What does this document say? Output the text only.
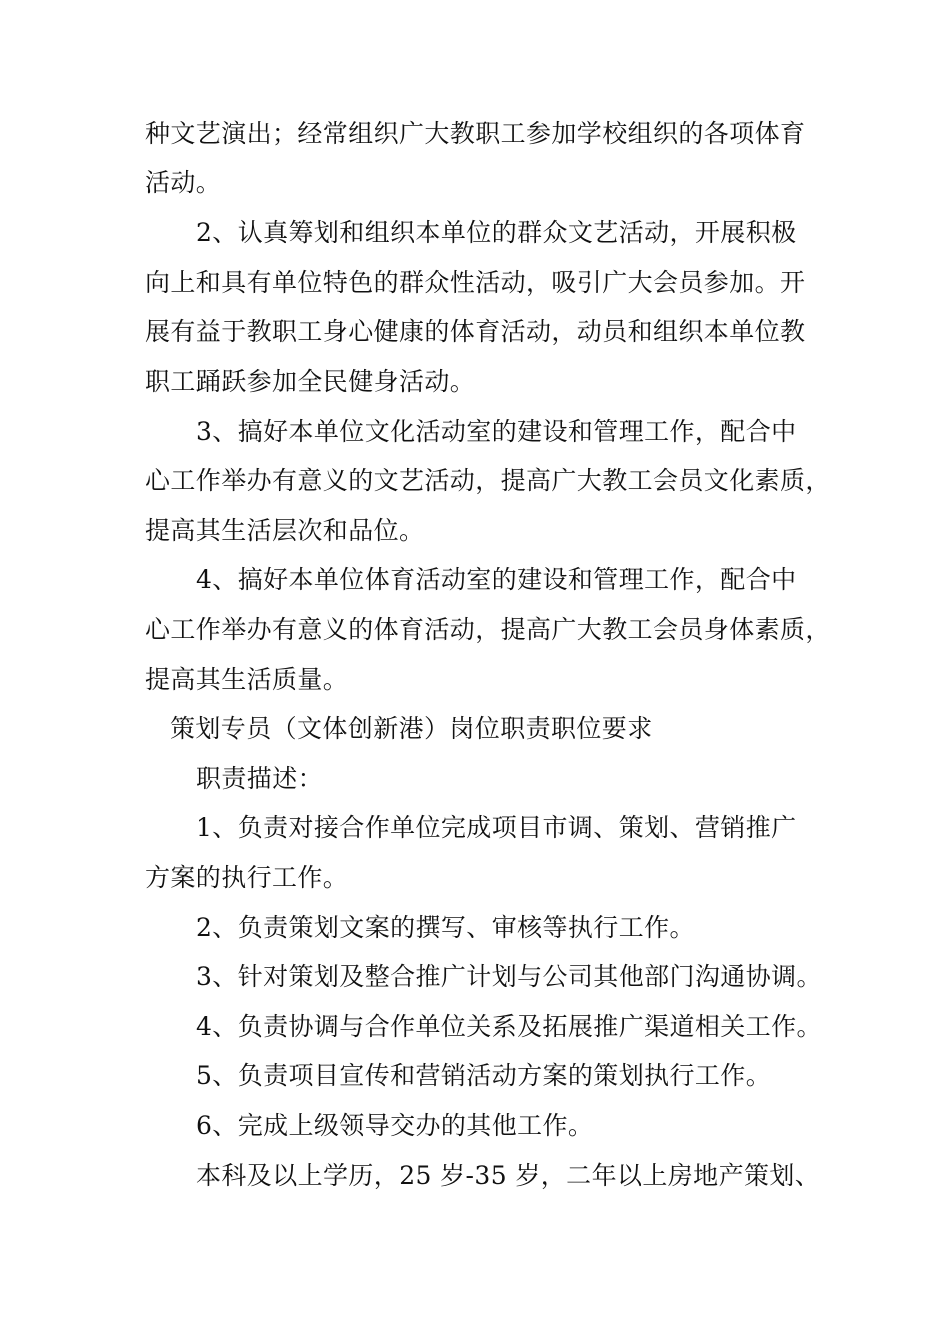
种文艺演出；经常组织广大教职工参加学校组织的各项体育
活动。
2、认真筹划和组织本单位的群众文艺活动，开展积极
向上和具有单位特色的群众性活动，吸引广大会员参加。开
展有益于教职工身心健康的体育活动，动员和组织本单位教
职工踊跃参加全民健身活动。
3、搞好本单位文化活动室的建设和管理工作，配合中
心工作举办有意义的文艺活动，提高广大教工会员文化素质，
提高其生活层次和品位。
4、搞好本单位体育活动室的建设和管理工作，配合中
心工作举办有意义的体育活动，提高广大教工会员身体素质，
提高其生活质量。
策划专员（文体创新港）岗位职责职位要求
职责描述：
1、负责对接合作单位完成项目市调、策划、营销推广
方案的执行工作。
2、负责策划文案的撰写、审核等执行工作。
3、针对策划及整合推广计划与公司其他部门沟通协调。
4、负责协调与合作单位关系及拓展推广渠道相关工作。
5、负责项目宣传和营销活动方案的策划执行工作。
6、完成上级领导交办的其他工作。
本科及以上学历，25 岁-35 岁，二年以上房地产策划、
